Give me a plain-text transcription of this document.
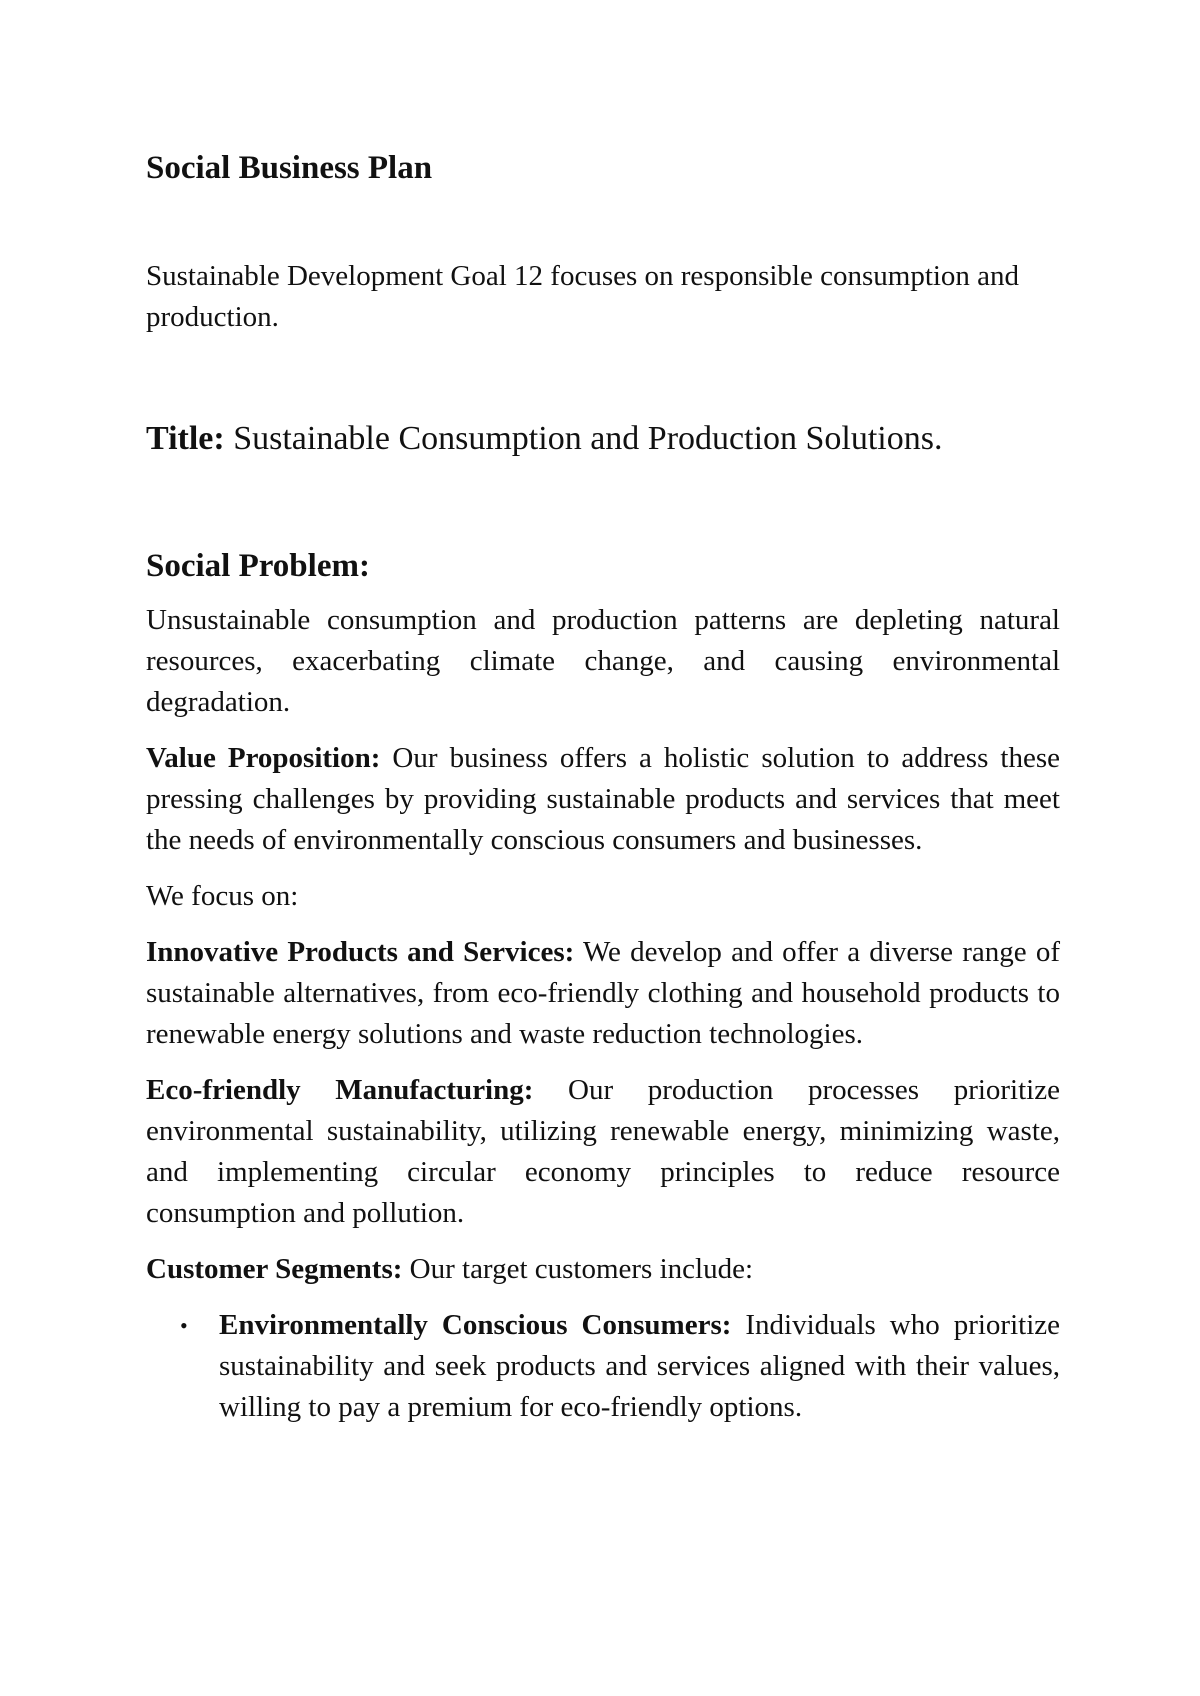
Social Business Plan

Sustainable Development Goal 12 focuses on responsible consumption and production.

Title: Sustainable Consumption and Production Solutions.

Social Problem:

Unsustainable consumption and production patterns are depleting natural resources, exacerbating climate change, and causing environmental degradation.

Value Proposition: Our business offers a holistic solution to address these pressing challenges by providing sustainable products and services that meet the needs of environmentally conscious consumers and businesses.

We focus on:

Innovative Products and Services: We develop and offer a diverse range of sustainable alternatives, from eco-friendly clothing and household products to renewable energy solutions and waste reduction technologies.

Eco-friendly Manufacturing: Our production processes prioritize environmental sustainability, utilizing renewable energy, minimizing waste, and implementing circular economy principles to reduce resource consumption and pollution.

Customer Segments: Our target customers include:

• Environmentally Conscious Consumers: Individuals who prioritize sustainability and seek products and services aligned with their values, willing to pay a premium for eco-friendly options.
